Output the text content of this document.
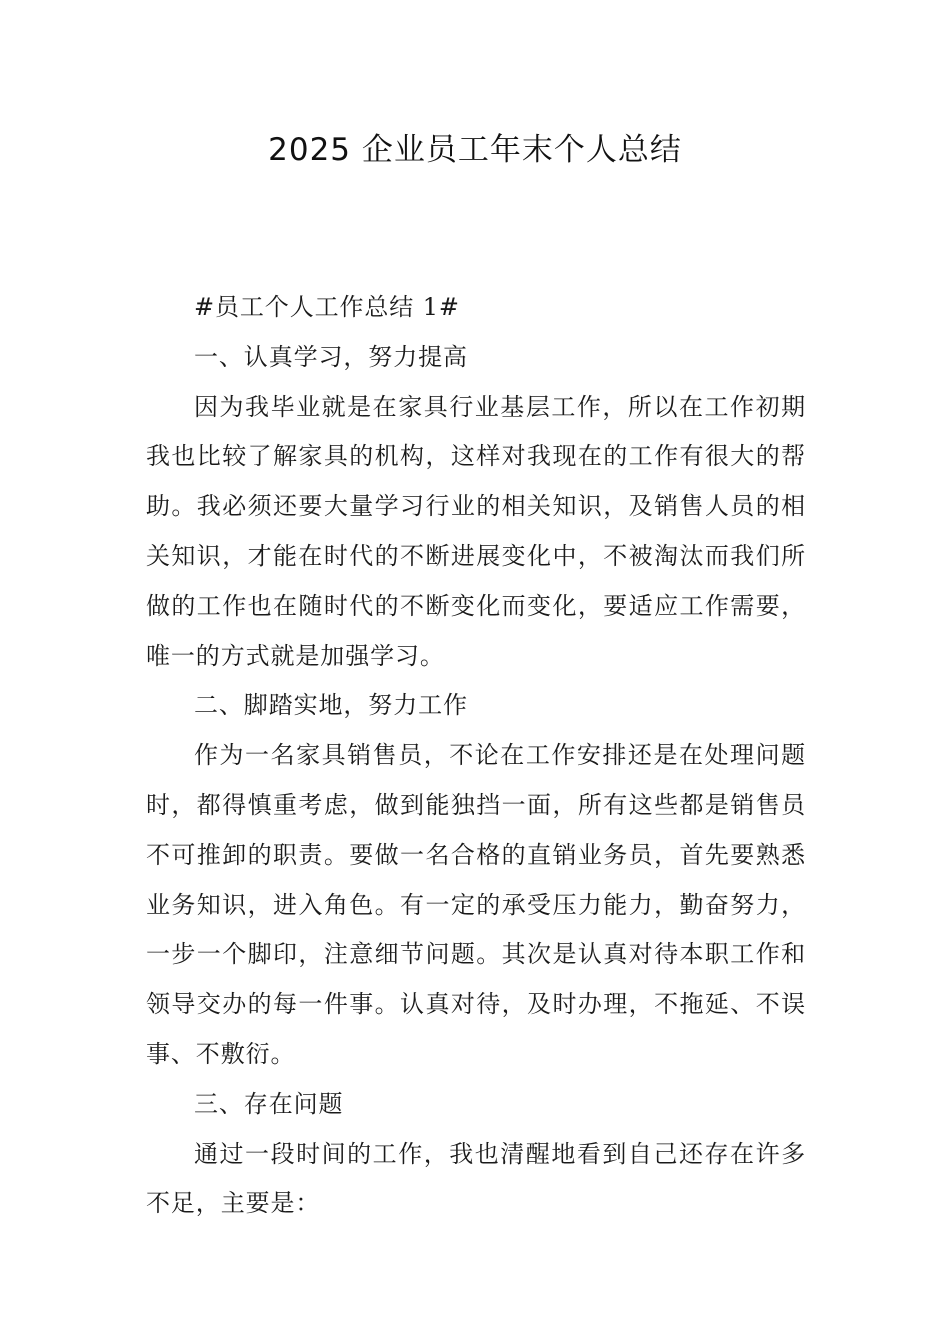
2025 企业员工年末个人总结

#员工个人工作总结 1#

一、认真学习，努力提高

因为我毕业就是在家具行业基层工作，所以在工作初期我也比较了解家具的机构，这样对我现在的工作有很大的帮助。我必须还要大量学习行业的相关知识，及销售人员的相关知识，才能在时代的不断进展变化中，不被淘汰而我们所做的工作也在随时代的不断变化而变化，要适应工作需要，唯一的方式就是加强学习。

二、脚踏实地，努力工作

作为一名家具销售员，不论在工作安排还是在处理问题时，都得慎重考虑，做到能独挡一面，所有这些都是销售员不可推卸的职责。要做一名合格的直销业务员，首先要熟悉业务知识，进入角色。有一定的承受压力能力，勤奋努力，一步一个脚印，注意细节问题。其次是认真对待本职工作和领导交办的每一件事。认真对待，及时办理，不拖延、不误事、不敷衍。

三、存在问题

通过一段时间的工作，我也清醒地看到自己还存在许多不足，主要是：
